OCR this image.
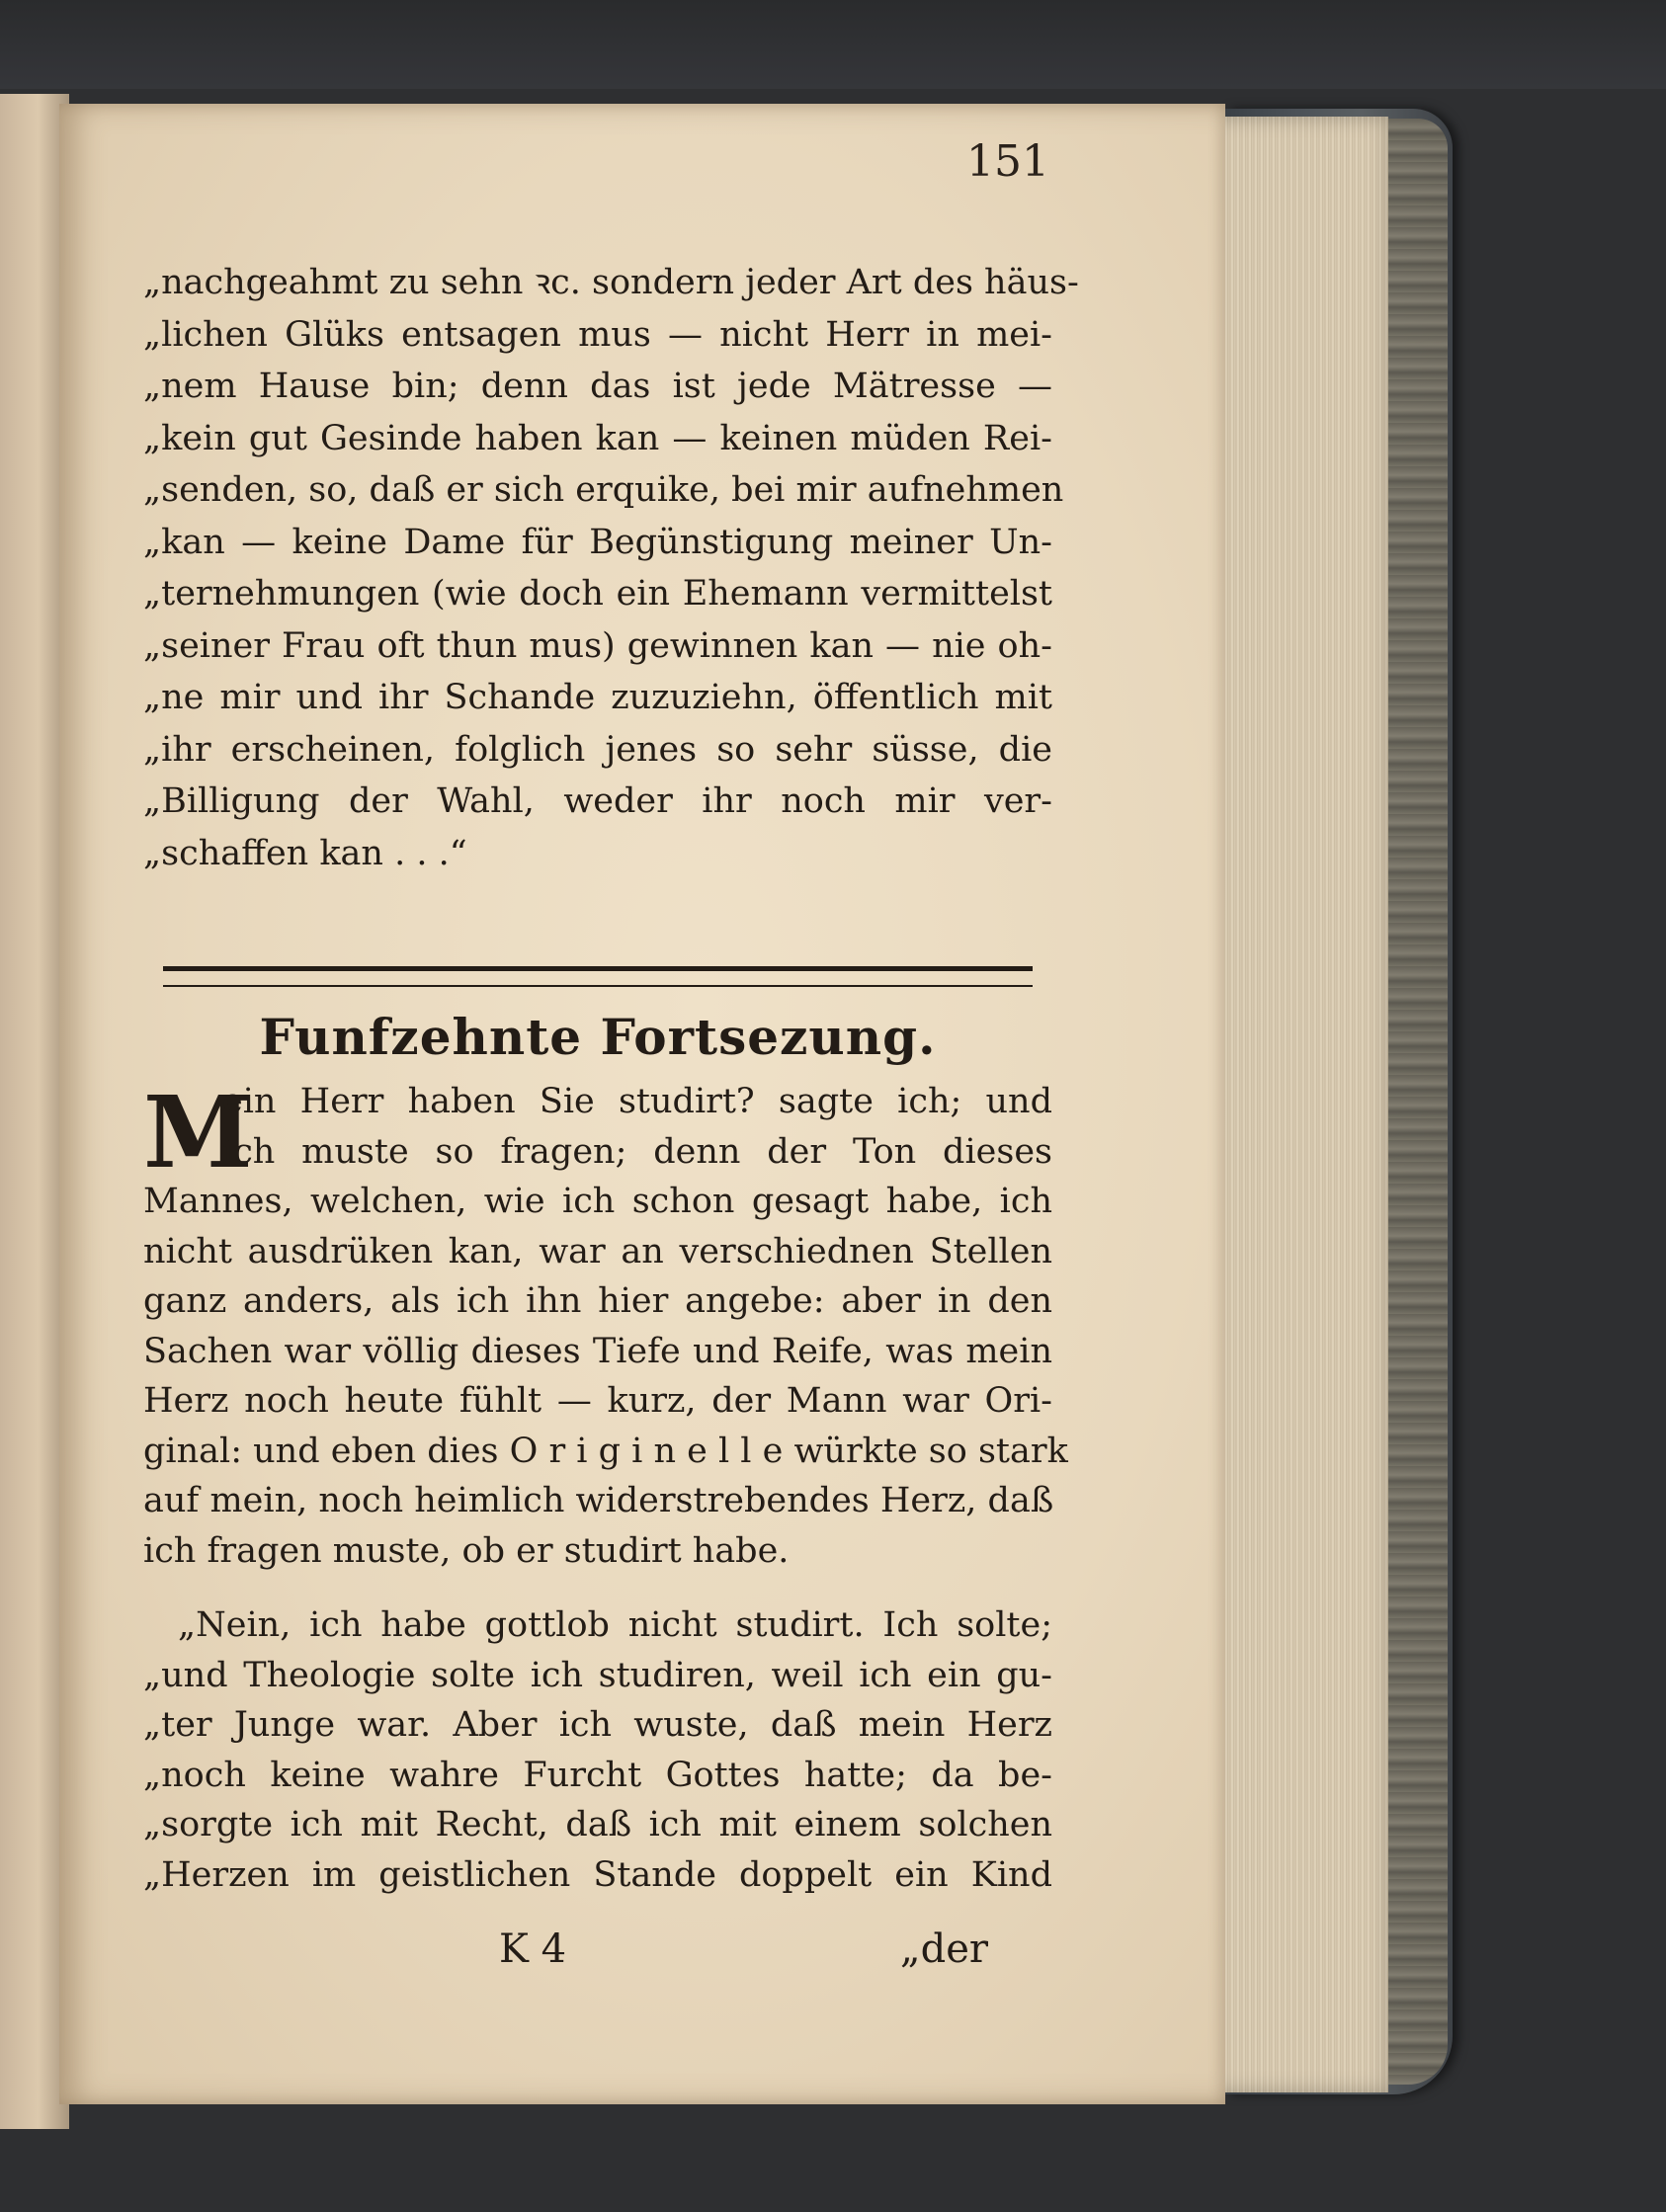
151
„nachgeahmt zu sehn ꝛc. sondern jeder Art des häus-
„lichen Glüks entsagen mus — nicht Herr in mei-
„nem Hause bin; denn das ist jede Mätresse —
„kein gut Gesinde haben kan — keinen müden Rei-
„senden, so, daß er sich erquike, bei mir aufnehmen
„kan — keine Dame für Begünstigung meiner Un-
„ternehmungen (wie doch ein Ehemann vermittelst
„seiner Frau oft thun mus) gewinnen kan — nie oh-
„ne mir und ihr Schande zuzuziehn, öffentlich mit
„ihr erscheinen, folglich jenes so sehr süsse, die
„Billigung der Wahl, weder ihr noch mir ver-
„schaffen kan . . .“
Funfzehnte Fortsezung.
M
ein Herr haben Sie studirt? sagte ich; und
ich muste so fragen; denn der Ton dieses
Mannes, welchen, wie ich schon gesagt habe, ich
nicht ausdrüken kan, war an verschiednen Stellen
ganz anders, als ich ihn hier angebe: aber in den
Sachen war völlig dieses Tiefe und Reife, was mein
Herz noch heute fühlt — kurz, der Mann war Ori-
ginal: und eben dies O r i g i n e l l e würkte so stark
auf mein, noch heimlich widerstrebendes Herz, daß
ich fragen muste, ob er studirt habe.
„Nein, ich habe gottlob nicht studirt. Ich solte;
„und Theologie solte ich studiren, weil ich ein gu-
„ter Junge war. Aber ich wuste, daß mein Herz
„noch keine wahre Furcht Gottes hatte; da be-
„sorgte ich mit Recht, daß ich mit einem solchen
„Herzen im geistlichen Stande doppelt ein Kind
K 4	„der
